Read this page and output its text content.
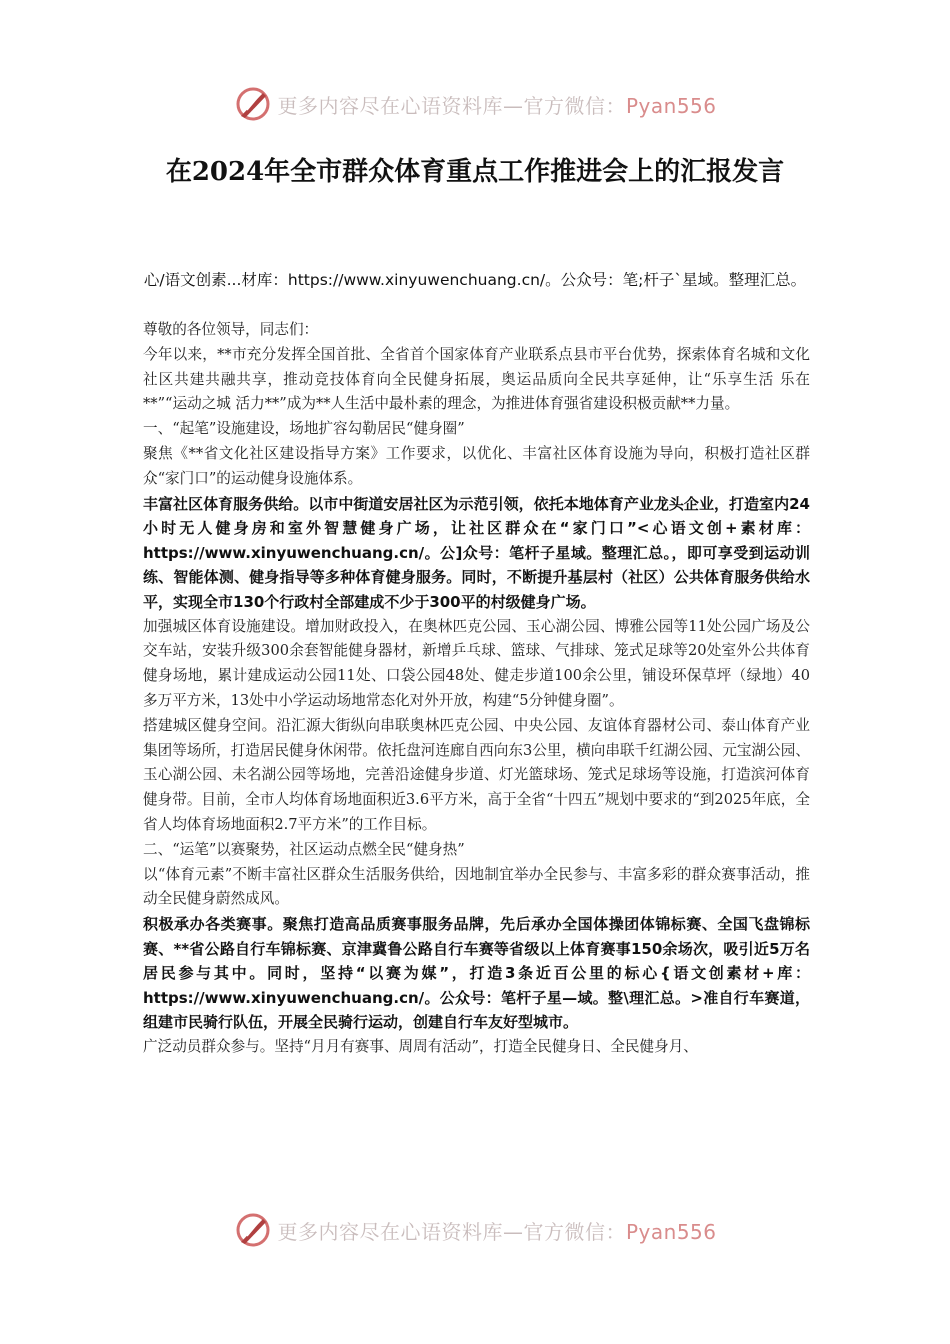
更多内容尽在心语资料库—官方微信：Pyan556
在2024年全市群众体育重点工作推进会上的汇报发言
心/语文创素...材库：https://www.xinyuwenchuang.cn/。公众号：笔;杆子`星域。整理汇总。

尊敬的各位领导，同志们：

今年以来，**市充分发挥全国首批、全省首个国家体育产业联系点县市平台优势，探索体育名城和文化社区共建共融共享，推动竞技体育向全民健身拓展，奥运品质向全民共享延伸，让“乐享生活 乐在**”“运动之城 活力**”成为**人生活中最朴素的理念，为推进体育强省建设积极贡献**力量。

一、“起笔”设施建设，场地扩容勾勒居民“健身圈”

聚焦《**省文化社区建设指导方案》工作要求，以优化、丰富社区体育设施为导向，积极打造社区群众“家门口”的运动健身设施体系。

丰富社区体育服务供给。以市中街道安居社区为示范引领，依托本地体育产业龙头企业，打造室内24小时无人健身房和室外智慧健身广场，让社区群众在“家门口”<心语文创+素材库：https://www.xinyuwenchuang.cn/。公]众号：笔杆子星域。整理汇总。，即可享受到运动训练、智能体测、健身指导等多种体育健身服务。同时，不断提升基层村（社区）公共体育服务供给水平，实现全市130个行政村全部建成不少于300平的村级健身广场。

加强城区体育设施建设。增加财政投入，在奥林匹克公园、玉心湖公园、博雅公园等11处公园广场及公交车站，安装升级300余套智能健身器材，新增乒乓球、篮球、气排球、笼式足球等20处室外公共体育健身场地，累计建成运动公园11处、口袋公园48处、健走步道100余公里，铺设环保草坪（绿地）40多万平方米，13处中小学运动场地常态化对外开放，构建“5分钟健身圈”。

搭建城区健身空间。沿汇源大街纵向串联奥林匹克公园、中央公园、友谊体育器材公司、泰山体育产业集团等场所，打造居民健身休闲带。依托盘河连廊自西向东3公里，横向串联千红湖公园、元宝湖公园、玉心湖公园、未名湖公园等场地，完善沿途健身步道、灯光篮球场、笼式足球场等设施，打造滨河体育健身带。目前，全市人均体育场地面积近3.6平方米，高于全省“十四五”规划中要求的“到2025年底，全省人均体育场地面积2.7平方米”的工作目标。

二、“运笔”以赛聚势，社区运动点燃全民“健身热”

以“体育元素”不断丰富社区群众生活服务供给，因地制宜举办全民参与、丰富多彩的群众赛事活动，推动全民健身蔚然成风。

积极承办各类赛事。聚焦打造高品质赛事服务品牌，先后承办全国体操团体锦标赛、全国飞盘锦标赛、**省公路自行车锦标赛、京津冀鲁公路自行车赛等省级以上体育赛事150余场次，吸引近5万名居民参与其中。同时，坚持“以赛为媒”，打造3条近百公里的标心{语文创素材+库：https://www.xinyuwenchuang.cn/。公众号：笔杆子星—域。整\理汇总。>准自行车赛道，组建市民骑行队伍，开展全民骑行运动，创建自行车友好型城市。

广泛动员群众参与。坚持“月月有赛事、周周有活动”，打造全民健身日、全民健身月、

更多内容尽在心语资料库—官方微信：Pyan556
